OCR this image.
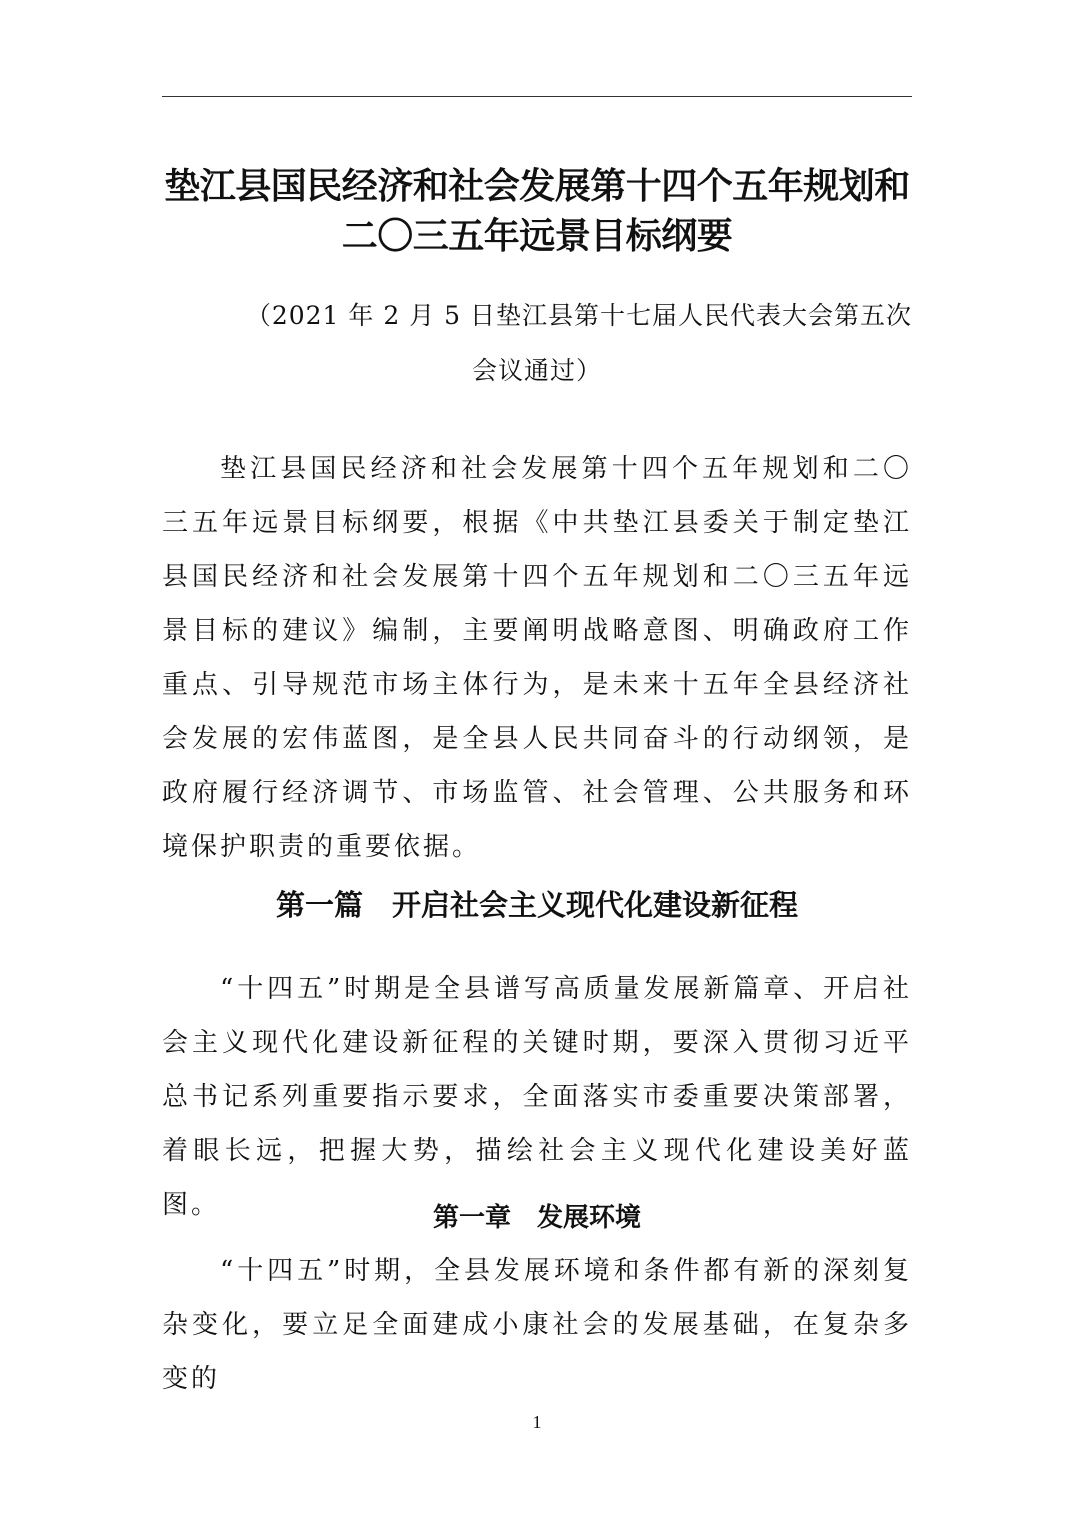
垫江县国民经济和社会发展第十四个五年规划和
二〇三五年远景目标纲要

（2021 年 2 月 5 日垫江县第十七届人民代表大会第五次

会议通过）

垫江县国民经济和社会发展第十四个五年规划和二〇三五年远景目标纲要，根据《中共垫江县委关于制定垫江县国民经济和社会发展第十四个五年规划和二〇三五年远景目标的建议》编制，主要阐明战略意图、明确政府工作重点、引导规范市场主体行为，是未来十五年全县经济社会发展的宏伟蓝图，是全县人民共同奋斗的行动纲领，是政府履行经济调节、市场监管、社会管理、公共服务和环境保护职责的重要依据。

第一篇　开启社会主义现代化建设新征程

“十四五”时期是全县谱写高质量发展新篇章、开启社会主义现代化建设新征程的关键时期，要深入贯彻习近平总书记系列重要指示要求，全面落实市委重要决策部署，着眼长远，把握大势，描绘社会主义现代化建设美好蓝图。	第一章　发展环境

“十四五”时期，全县发展环境和条件都有新的深刻复杂变化，要立足全面建成小康社会的发展基础，在复杂多变的

1
